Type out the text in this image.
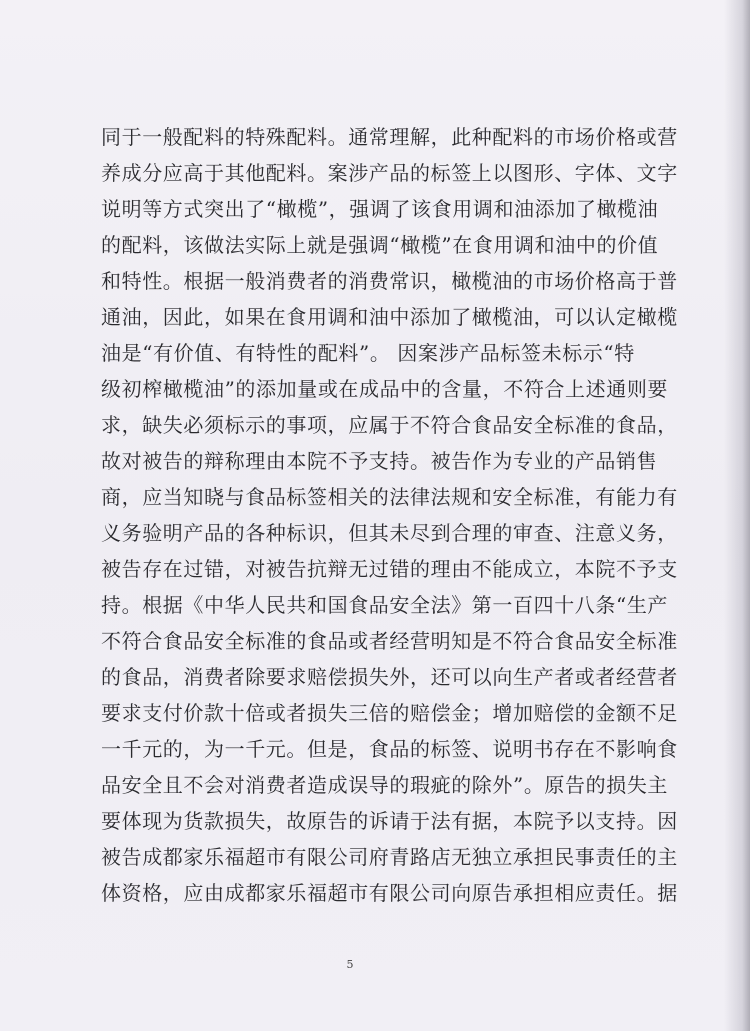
同于一般配料的特殊配料。通常理解，此种配料的市场价格或营
养成分应高于其他配料。案涉产品的标签上以图形、字体、文字
说明等方式突出了“橄榄”，强调了该食用调和油添加了橄榄油
的配料，该做法实际上就是强调“橄榄”在食用调和油中的价值
和特性。根据一般消费者的消费常识，橄榄油的市场价格高于普
通油，因此，如果在食用调和油中添加了橄榄油，可以认定橄榄
油是“有价值、有特性的配料”。 因案涉产品标签未标示“特
级初榨橄榄油”的添加量或在成品中的含量，不符合上述通则要
求，缺失必须标示的事项，应属于不符合食品安全标准的食品，
故对被告的辩称理由本院不予支持。被告作为专业的产品销售
商，应当知晓与食品标签相关的法律法规和安全标准，有能力有
义务验明产品的各种标识，但其未尽到合理的审查、注意义务，
被告存在过错，对被告抗辩无过错的理由不能成立，本院不予支
持。根据《中华人民共和国食品安全法》第一百四十八条“生产
不符合食品安全标准的食品或者经营明知是不符合食品安全标准
的食品，消费者除要求赔偿损失外，还可以向生产者或者经营者
要求支付价款十倍或者损失三倍的赔偿金；增加赔偿的金额不足
一千元的，为一千元。但是，食品的标签、说明书存在不影响食
品安全且不会对消费者造成误导的瑕疵的除外”。原告的损失主
要体现为货款损失，故原告的诉请于法有据，本院予以支持。因
被告成都家乐福超市有限公司府青路店无独立承担民事责任的主
体资格，应由成都家乐福超市有限公司向原告承担相应责任。据
5
